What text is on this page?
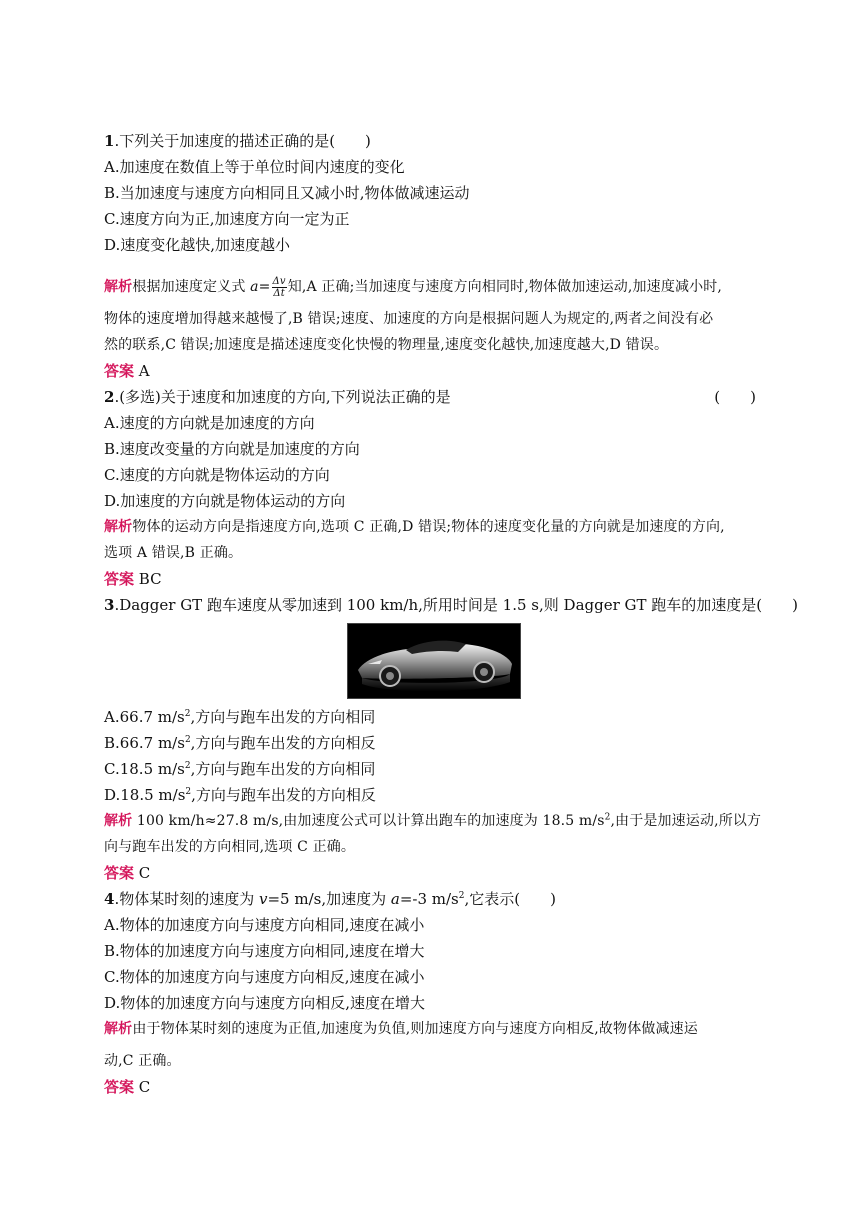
1.下列关于加速度的描述正确的是(　　)
A.加速度在数值上等于单位时间内速度的变化
B.当加速度与速度方向相同且又减小时,物体做减速运动
C.速度方向为正,加速度方向一定为正
D.速度变化越快,加速度越小
解析根据加速度定义式 $a= \frac{\Delta v}{\Delta t}$ 知,A 正确;当加速度与速度方向相同时,物体做加速运动,加速度减小时,
物体的速度增加得越来越慢了,B 错误;速度、加速度的方向是根据问题人为规定的,两者之间没有必
然的联系,C 错误;加速度是描述速度变化快慢的物理量,速度变化越快,加速度越大,D 错误。
答案 A
2.(多选)关于速度和加速度的方向,下列说法正确的是	(　　)
A.速度的方向就是加速度的方向
B.速度改变量的方向就是加速度的方向
C.速度的方向就是物体运动的方向
D.加速度的方向就是物体运动的方向
解析物体的运动方向是指速度方向,选项 C 正确,D 错误;物体的速度变化量的方向就是加速度的方向,
选项 A 错误,B 正确。
答案 BC
3.Dagger GT 跑车速度从零加速到 100 km/h,所用时间是 1.5 s,则 Dagger GT 跑车的加速度是(　　)
A.66.7 $m/s^2$,方向与跑车出发的方向相同
B.66.7 $m/s^2$,方向与跑车出发的方向相反
C.18.5 $m/s^2$,方向与跑车出发的方向相同
D.18.5 $m/s^2$,方向与跑车出发的方向相反
解析 100 km/h≈27.8 m/s,由加速度公式可以计算出跑车的加速度为 18.5 $m/s^2$,由于是加速运动,所以方
向与跑车出发的方向相同,选项 C 正确。
答案 C
4.物体某时刻的速度为 v=5 m/s,加速度为 a=-3 $m/s^2$,它表示(　　)
A.物体的加速度方向与速度方向相同,速度在减小
B.物体的加速度方向与速度方向相同,速度在增大
C.物体的加速度方向与速度方向相反,速度在减小
D.物体的加速度方向与速度方向相反,速度在增大
解析由于物体某时刻的速度为正值,加速度为负值,则加速度方向与速度方向相反,故物体做减速运
动,C 正确。
答案 C
